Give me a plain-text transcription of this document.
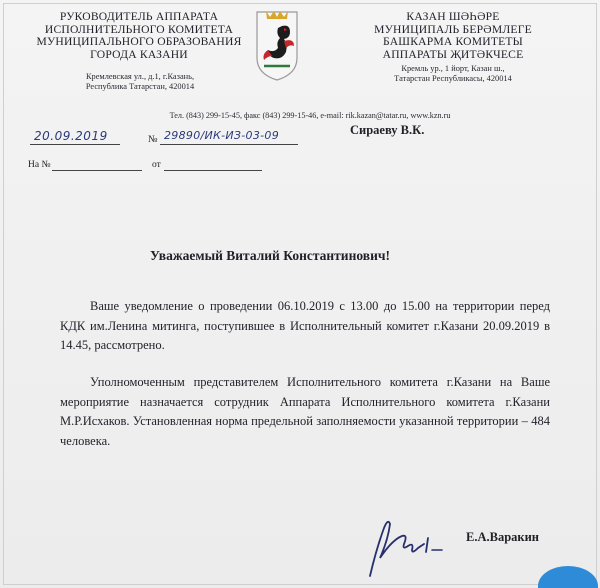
РУКОВОДИТЕЛЬ АППАРАТА
ИСПОЛНИТЕЛЬНОГО КОМИТЕТА
МУНИЦИПАЛЬНОГО ОБРАЗОВАНИЯ
ГОРОДА КАЗАНИ
Кремлевская ул., д.1, г.Казань,
Республика Татарстан, 420014
КАЗАН ШӘҺӘРЕ
МУНИЦИПАЛЬ БЕРӘМЛЕГЕ
БАШКАРМА КОМИТЕТЫ
АППАРАТЫ ҖИТӘКЧЕСЕ
Кремль ур., 1 йорт, Казан ш.,
Татарстан Республикасы, 420014
Тел. (843) 299-15-45, факс (843) 299-15-46, e-mail: rik.kazan@tatar.ru, www.kzn.ru
20.09.2019	№ 29890/ИК-ИЗ-03-09	Сираеву В.К.
На №	от
Уважаемый Виталий Константинович!
Ваше уведомление о проведении 06.10.2019 с 13.00 до 15.00 на территории перед КДК им.Ленина митинга, поступившее в Исполнительный комитет г.Казани 20.09.2019 в 14.45, рассмотрено.
Уполномоченным представителем Исполнительного комитета г.Казани на Ваше мероприятие назначается сотрудник Аппарата Исполнительного комитета г.Казани М.Р.Исхаков. Установленная норма предельной заполняемости указанной территории – 484 человека.
Е.А.Варакин
